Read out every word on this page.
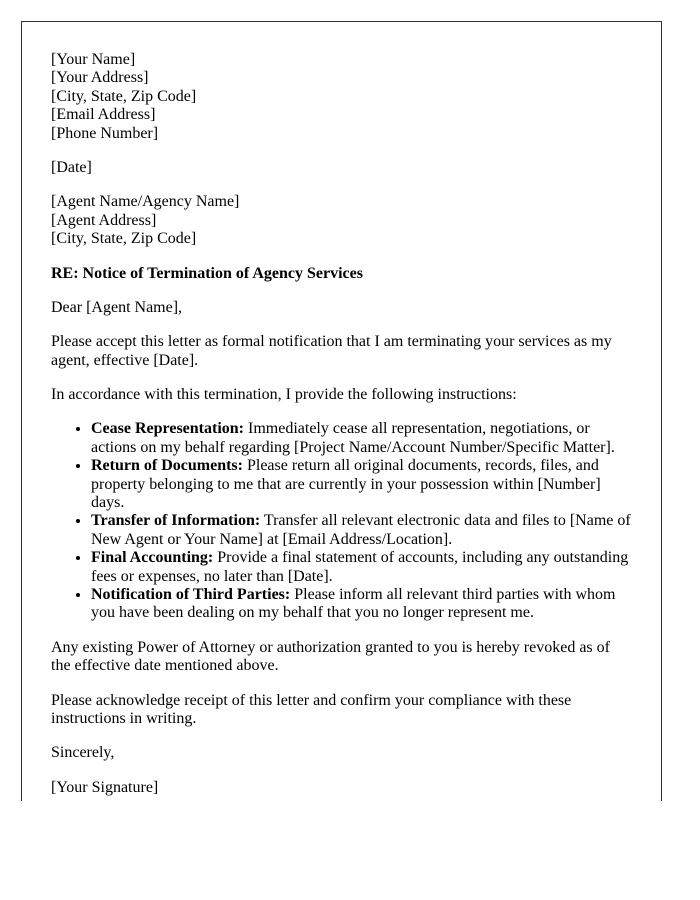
[Your Name]
[Your Address]
[City, State, Zip Code]
[Email Address]
[Phone Number]

[Date]

[Agent Name/Agency Name]
[Agent Address]
[City, State, Zip Code]

RE: Notice of Termination of Agency Services

Dear [Agent Name],

Please accept this letter as formal notification that I am terminating your services as my agent, effective [Date].

In accordance with this termination, I provide the following instructions:

• Cease Representation: Immediately cease all representation, negotiations, or actions on my behalf regarding [Project Name/Account Number/Specific Matter].
• Return of Documents: Please return all original documents, records, files, and property belonging to me that are currently in your possession within [Number] days.
• Transfer of Information: Transfer all relevant electronic data and files to [Name of New Agent or Your Name] at [Email Address/Location].
• Final Accounting: Provide a final statement of accounts, including any outstanding fees or expenses, no later than [Date].
• Notification of Third Parties: Please inform all relevant third parties with whom you have been dealing on my behalf that you no longer represent me.

Any existing Power of Attorney or authorization granted to you is hereby revoked as of the effective date mentioned above.

Please acknowledge receipt of this letter and confirm your compliance with these instructions in writing.

Sincerely,

[Your Signature]
